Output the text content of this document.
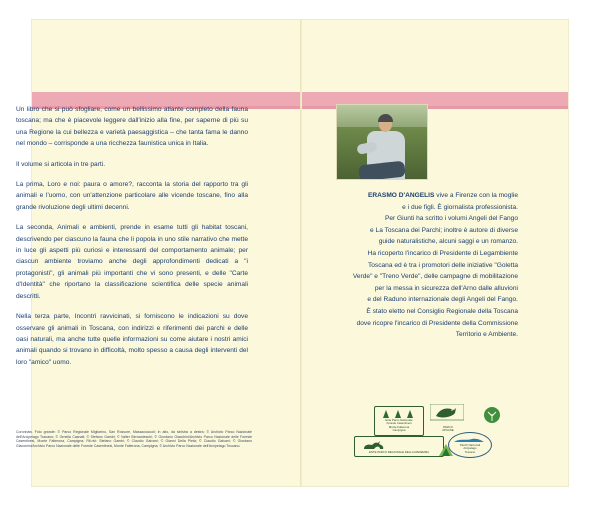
Un libro che si può sfogliare, come un bellissimo atlante completo della fauna toscana; ma che è piacevole leggere dall'inizio alla fine, per saperne di più su una Regione la cui bellezza e varietà paesaggistica – che tanta fama le danno nel mondo – corrisponde a una ricchezza faunistica unica in Italia.

Il volume si articola in tre parti.

La prima, Loro e noi: paura o amore?, racconta la storia del rapporto tra gli animali e l'uomo, con un'attenzione particolare alle vicende toscane, fino alla grande rivoluzione degli ultimi decenni.

La seconda, Animali e ambienti, prende in esame tutti gli habitat toscani, descrivendo per ciascuno la fauna che li popola in uno stile narrativo che mette in luce gli aspetti più curiosi e interessanti del comportamento animale; per ciascun ambiente troviamo anche degli approfondimenti dedicati a "i protagonisti", gli animali più importanti che vi sono presenti, e delle "Carte d'Identità" che riportano la classificazione scientifica delle specie animali descritti.

Nella terza parte, Incontri ravvicinati, si forniscono le indicazioni su dove osservare gli animali in Toscana, con indirizzi e riferimenti dei parchi e delle oasi naturali, ma anche tutte quelle informazioni su come aiutare i nostri amici animali quando si trovano in difficoltà, molto spesso a causa degli interventi del loro "amico" uomo.

Coronnaw. Foto grande: © Parco Regionale Migliarino, San Rossore, Massaciuccoli; in alto, da sinistra a destra: © Archivio Parco Nazionale dell'Arcipelago Toscano; © Ornella Casnati; © Stefano Gambi; © Valter Bernardeschi; © Giordano Giacchini/Archivio Parco Nazionale delle Foreste Casentinesi, Monte Falterona, Campigna; Rit.rivi: Stefano Gambi; © Claudio Galvani; © Gianni Della Pietà; © Claudio Galvani; © Giordano Giacomini/Archivio Parco Nazionale delle Foreste Casentinesi, Monte Falterona, Campigna; © Archivio Parco Nazionale dell'Arcipelago Toscano.

ERASMO D'ANGELIS vive a Firenze con la moglie

e i due figli. È giornalista professionista.

Per Giunti ha scritto i volumi Angeli del Fango

e La Toscana dei Parchi; inoltre è autore di diverse

guide naturalistiche, alcuni saggi e un romanzo.

Ha ricoperto l'incarico di Presidente di Legambiente

Toscana ed è tra i promotori delle iniziative "Goletta

Verde" e "Treno Verde", delle campagne di mobilitazione

per la messa in sicurezza dell'Arno dalle alluvioni

e del Raduno internazionale degli Angeli del Fango.

È stato eletto nel Consiglio Regionale della Toscana

dove ricopre l'incarico di Presidente della Commissione

Territorio e Ambiente.

Ente Parco Nazionale
Foreste Casentinesi
Monte Falterona
Campigna
PARCO
APUANE
ENTE PARCO REGIONALE DELLA MAREMMA
Parchi Nazionali
Arcipelago
Toscano
